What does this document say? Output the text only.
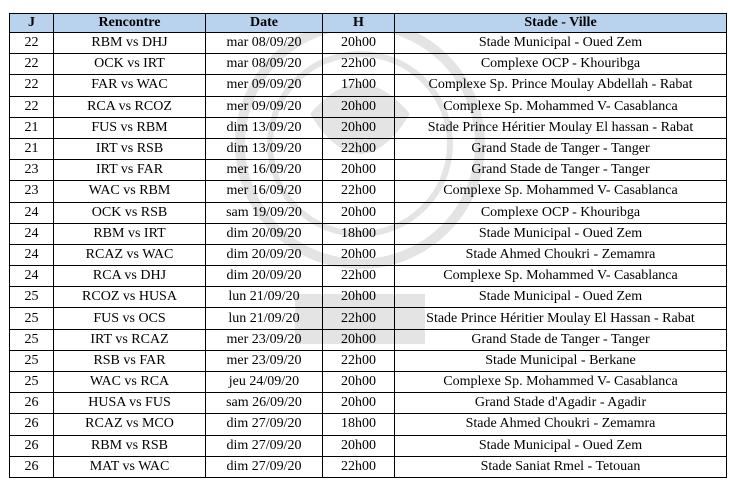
J	Rencontre	Date	H	Stade - Ville
22	RBM vs DHJ	mar 08/09/20	20h00	Stade Municipal - Oued Zem
22	OCK vs IRT	mar 08/09/20	22h00	Complexe OCP - Khouribga
22	FAR vs WAC	mer 09/09/20	17h00	Complexe Sp. Prince Moulay Abdellah - Rabat
22	RCA vs RCOZ	mer 09/09/20	20h00	Complexe Sp. Mohammed V- Casablanca
21	FUS vs RBM	dim 13/09/20	20h00	Stade Prince Héritier Moulay El hassan - Rabat
21	IRT vs RSB	dim 13/09/20	22h00	Grand Stade de Tanger - Tanger
23	IRT vs FAR	mer 16/09/20	20h00	Grand Stade de Tanger - Tanger
23	WAC vs RBM	mer 16/09/20	22h00	Complexe Sp. Mohammed V- Casablanca
24	OCK vs RSB	sam 19/09/20	20h00	Complexe OCP - Khouribga
24	RBM vs IRT	dim 20/09/20	18h00	Stade Municipal - Oued Zem
24	RCAZ vs WAC	dim 20/09/20	20h00	Stade Ahmed Choukri - Zemamra
24	RCA vs DHJ	dim 20/09/20	22h00	Complexe Sp. Mohammed V- Casablanca
25	RCOZ vs HUSA	lun 21/09/20	20h00	Stade Municipal - Oued Zem
25	FUS vs OCS	lun 21/09/20	22h00	Stade Prince Héritier Moulay El Hassan - Rabat
25	IRT vs RCAZ	mer 23/09/20	20h00	Grand Stade de Tanger - Tanger
25	RSB vs FAR	mer 23/09/20	22h00	Stade Municipal - Berkane
25	WAC vs RCA	jeu 24/09/20	20h00	Complexe Sp. Mohammed V- Casablanca
26	HUSA vs FUS	sam 26/09/20	20h00	Grand Stade d'Agadir - Agadir
26	RCAZ vs MCO	dim 27/09/20	18h00	Stade Ahmed Choukri - Zemamra
26	RBM vs RSB	dim 27/09/20	20h00	Stade Municipal - Oued Zem
26	MAT vs WAC	dim 27/09/20	22h00	Stade Saniat Rmel - Tetouan
